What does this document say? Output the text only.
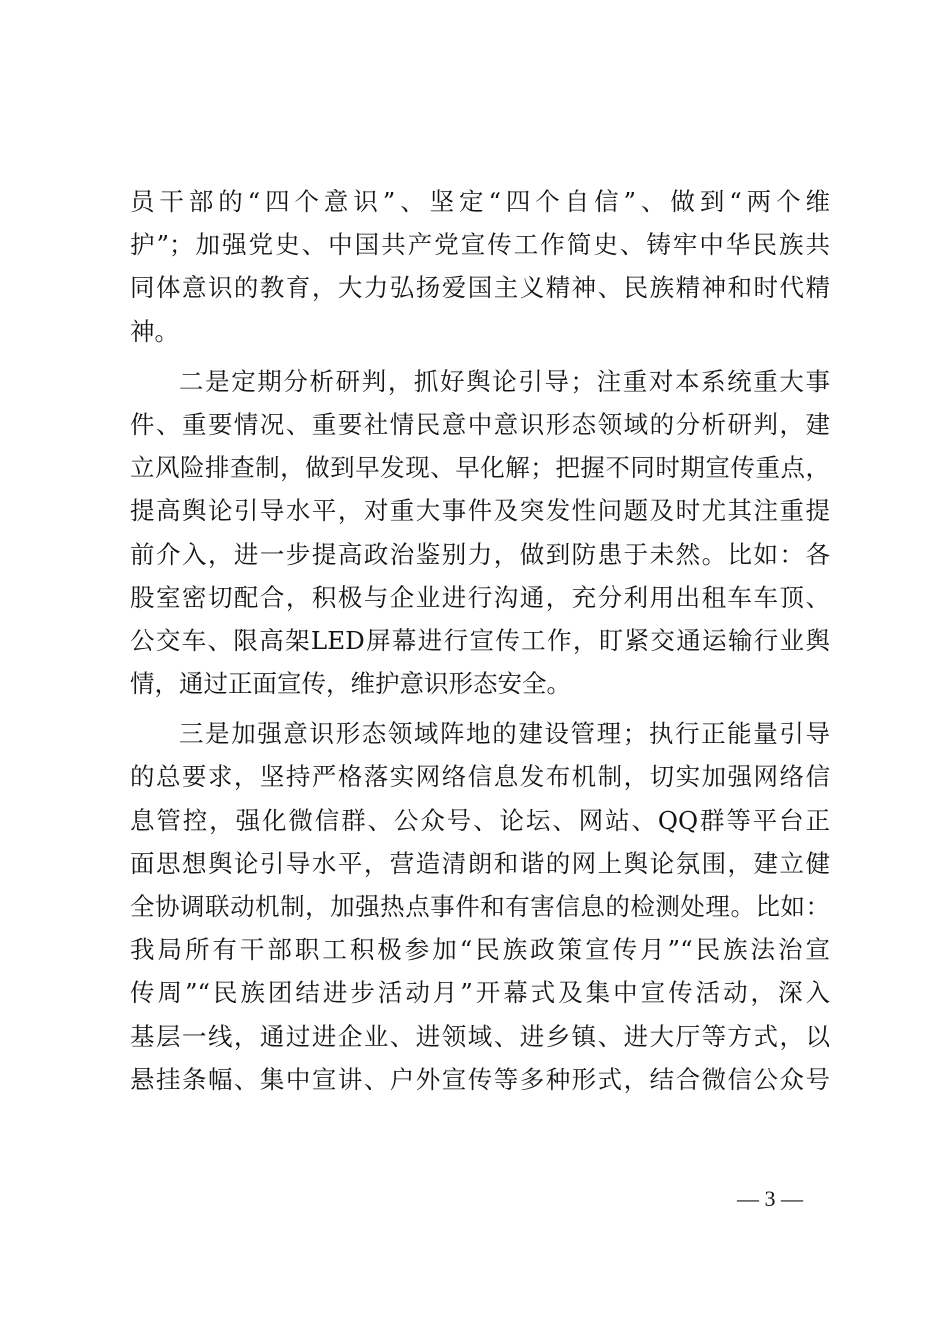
员干部的“四个意识”、坚定“四个自信”、做到“两个维
护”；加强党史、中国共产党宣传工作简史、铸牢中华民族共
同体意识的教育，大力弘扬爱国主义精神、民族精神和时代精
神。
二是定期分析研判，抓好舆论引导；注重对本系统重大事
件、重要情况、重要社情民意中意识形态领域的分析研判，建
立风险排查制，做到早发现、早化解；把握不同时期宣传重点，
提高舆论引导水平，对重大事件及突发性问题及时尤其注重提
前介入，进一步提高政治鉴别力，做到防患于未然。比如：各
股室密切配合，积极与企业进行沟通，充分利用出租车车顶、
公交车、限高架LED屏幕进行宣传工作，盯紧交通运输行业舆
情，通过正面宣传，维护意识形态安全。
三是加强意识形态领域阵地的建设管理；执行正能量引导
的总要求，坚持严格落实网络信息发布机制，切实加强网络信
息管控，强化微信群、公众号、论坛、网站、QQ群等平台正
面思想舆论引导水平，营造清朗和谐的网上舆论氛围，建立健
全协调联动机制，加强热点事件和有害信息的检测处理。比如：
我局所有干部职工积极参加“民族政策宣传月”“民族法治宣
传周”“民族团结进步活动月”开幕式及集中宣传活动，深入
基层一线，通过进企业、进领域、进乡镇、进大厅等方式，以
悬挂条幅、集中宣讲、户外宣传等多种形式，结合微信公众号
— 3 —
